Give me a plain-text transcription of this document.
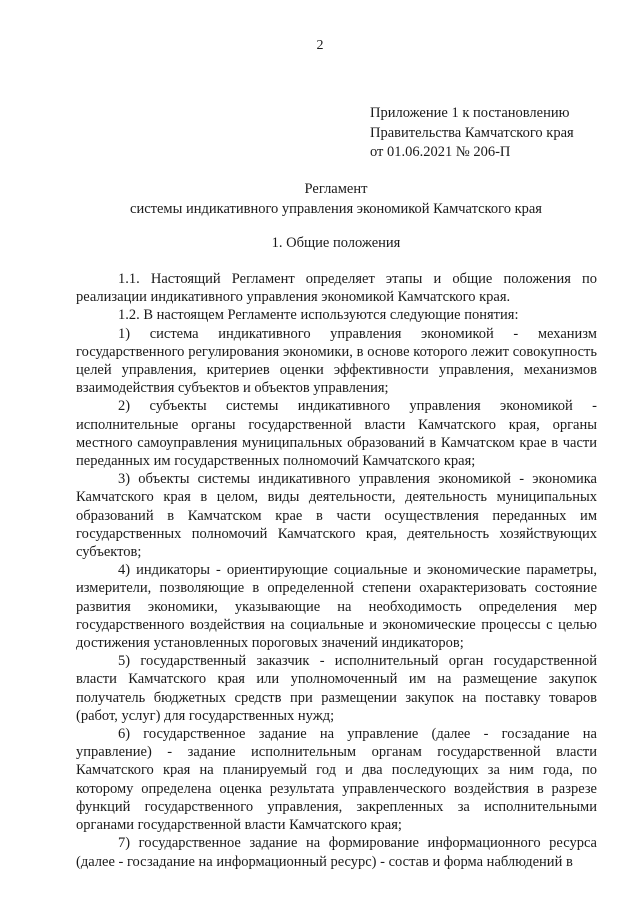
2
Приложение 1 к постановлению
Правительства Камчатского края
от 01.06.2021 № 206-П
Регламент
системы индикативного управления экономикой Камчатского края
1. Общие положения

1.1. Настоящий Регламент определяет этапы и общие положения по реализации индикативного управления экономикой Камчатского края.

1.2. В настоящем Регламенте используются следующие понятия:

1) система индикативного управления экономикой - механизм государственного регулирования экономики, в основе которого лежит совокупность целей управления, критериев оценки эффективности управления, механизмов взаимодействия субъектов и объектов управления;

2) субъекты системы индикативного управления экономикой - исполнительные органы государственной власти Камчатского края, органы местного самоуправления муниципальных образований в Камчатском крае в части переданных им государственных полномочий Камчатского края;

3) объекты системы индикативного управления экономикой - экономика Камчатского края в целом, виды деятельности, деятельность муниципальных образований в Камчатском крае в части осуществления переданных им государственных полномочий Камчатского края, деятельность хозяйствующих субъектов;

4) индикаторы - ориентирующие социальные и экономические параметры, измерители, позволяющие в определенной степени охарактеризовать состояние развития экономики, указывающие на необходимость определения мер государственного воздействия на социальные и экономические процессы с целью достижения установленных пороговых значений индикаторов;

5) государственный заказчик - исполнительный орган государственной власти Камчатского края или уполномоченный им на размещение закупок получатель бюджетных средств при размещении закупок на поставку товаров (работ, услуг) для государственных нужд;

6) государственное задание на управление (далее - госзадание на управление) - задание исполнительным органам государственной власти Камчатского края на планируемый год и два последующих за ним года, по которому определена оценка результата управленческого воздействия в разрезе функций государственного управления, закрепленных за исполнительными органами государственной власти Камчатского края;

7) государственное задание на формирование информационного ресурса (далее - госзадание на информационный ресурс) - состав и форма наблюдений в
